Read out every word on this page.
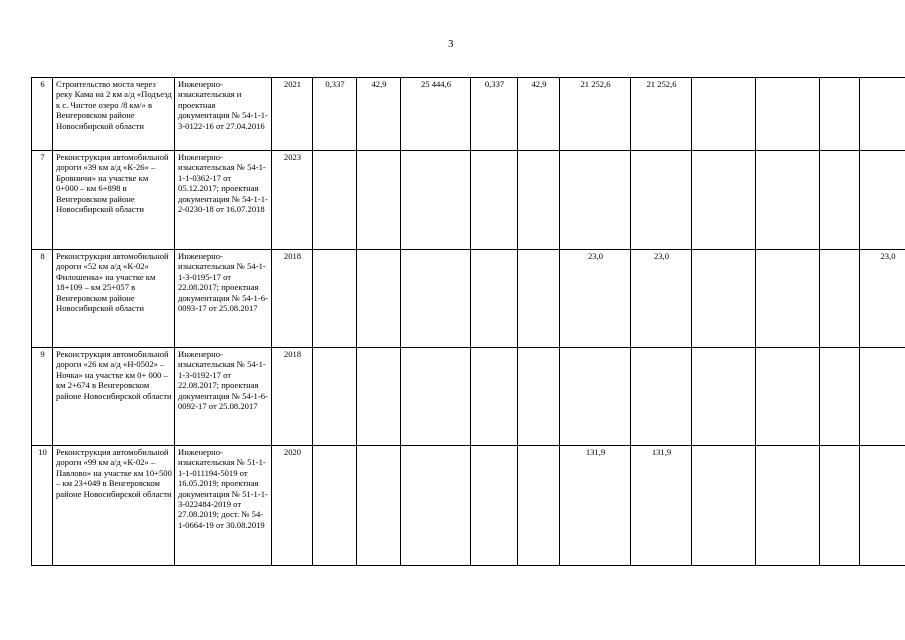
3
6	Строительство моста через реку Кама на 2 км а/д «Подъезд к с. Чистое озеро /8 км/» в Венгеровском районе Новосибирской области	Инженерно-изыскательская и проектная документация № 54-1-1-3-0122-16 от 27.04.2016	2021	0,337	42,9	25 444,6	0,337	42,9	21 252,6	21 252,6				
7	Реконструкция автомобильной дороги «39 км а/д «К-26» – Бровничи» на участке км 0+000 – км 6+898 в Венгеровском районе Новосибирской области	Инженерно-изыскательская № 54-1-1-1-0362-17 от 05.12.2017; проектная документация № 54-1-1-2-0230-18 от 16.07.2018	2023											
8	Реконструкция автомобильной дороги «52 км а/д «К-02» Филошенка» на участке км 18+109 – км 25+057 в Венгеровском районе Новосибирской области	Инженерно-изыскательская № 54-1-1-3-0195-17 от 22.08.2017; проектная документация № 54-1-6-0093-17 от 25.08.2017	2018						23,0	23,0				23,0
9	Реконструкция автомобильной дороги «26 км а/д «Н-0502» – Ночка» на участке км 0+ 000 – км 2+674 в Венгеровском районе Новосибирской области	Инженерно-изыскательская № 54-1-1-3-0192-17 от 22.08.2017; проектная документация № 54-1-6-0092-17 от 25.08.2017	2018											
10	Реконструкция автомобильной дороги «99 км а/д «К-02» – Павлово» на участке км 10+500 – км 23+049 в Венгеровском районе Новосибирской области	Инженерно-изыскательская № 51-1-1-1-011194-5019 от 16.05.2019; проектная документация № 51-1-1-3-022484-2019 от 27.08.2019; дост. № 54-1-0664-19 от 30.08.2019	2020						131,9	131,9				
